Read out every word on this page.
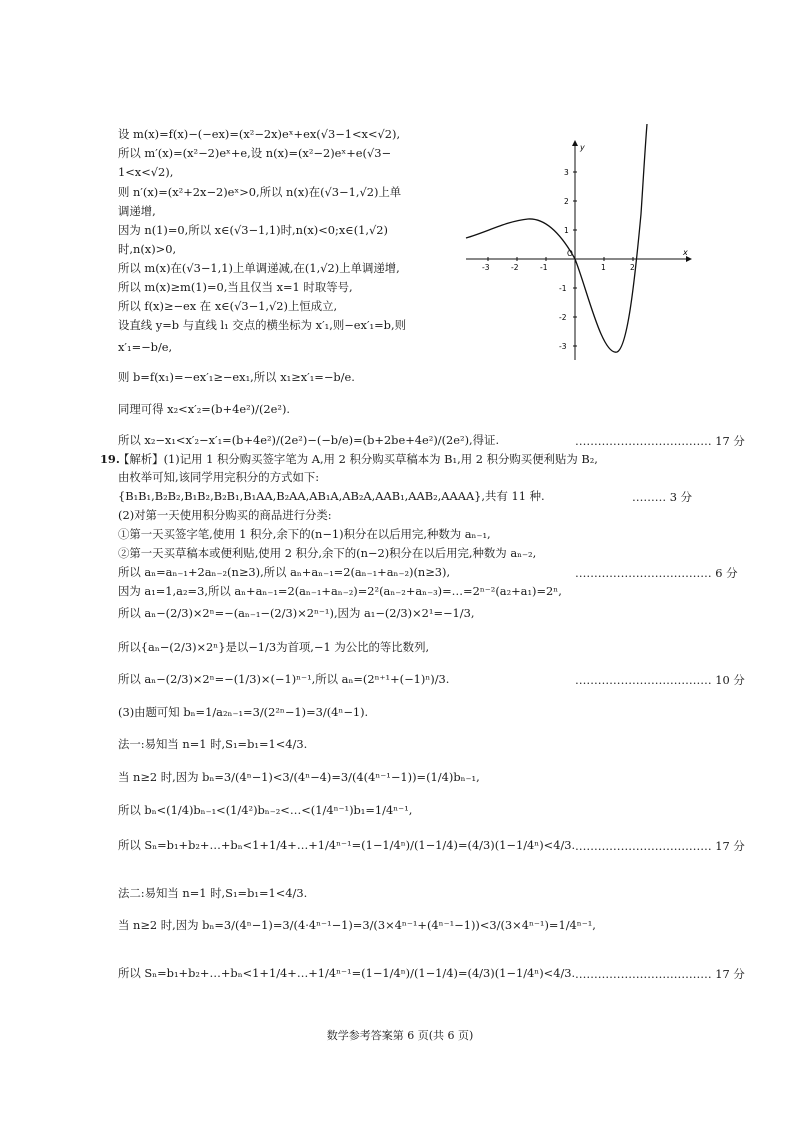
设 m(x)=f(x)−(−ex)=(x²−2x)eˣ+ex(√3−1<x<√2),
所以 m′(x)=(x²−2)eˣ+e,设 n(x)=(x²−2)eˣ+e(√3−
1<x<√2),
则 n′(x)=(x²+2x−2)eˣ>0,所以 n(x)在(√3−1,√2)上单
调递增,
因为 n(1)=0,所以 x∈(√3−1,1)时,n(x)<0;x∈(1,√2)
时,n(x)>0,
所以 m(x)在(√3−1,1)上单调递减,在(1,√2)上单调递增,
所以 m(x)≥m(1)=0,当且仅当 x=1 时取等号,
所以 f(x)≥−ex 在 x∈(√3−1,√2)上恒成立,
设直线 y=b 与直线 l₁ 交点的横坐标为 x′₁,则−ex′₁=b,则
x′₁=−b/e,
则 b=f(x₁)=−ex′₁≥−ex₁,所以 x₁≥x′₁=−b/e.
同理可得 x₂<x′₂=(b+4e²)/(2e²).
所以 x₂−x₁<x′₂−x′₁=(b+4e²)/(2e²)−(−b/e)=(b+2be+4e²)/(2e²),得证.	……………………………… 17 分
y
x
O
-3	-2	-1	1	2
3
2
1
-1
-2
-3
19.
【解析】(1)记用 1 积分购买签字笔为 A,用 2 积分购买草稿本为 B₁,用 2 积分购买便利贴为 B₂,
由枚举可知,该同学用完积分的方式如下:
{B₁B₁,B₂B₂,B₁B₂,B₂B₁,B₁AA,B₂AA,AB₁A,AB₂A,AAB₁,AAB₂,AAAA},共有 11 种.	……… 3 分
(2)对第一天使用积分购买的商品进行分类:
①第一天买签字笔,使用 1 积分,余下的(n−1)积分在以后用完,种数为 aₙ₋₁,
②第一天买草稿本或便利贴,使用 2 积分,余下的(n−2)积分在以后用完,种数为 aₙ₋₂,
所以 aₙ=aₙ₋₁+2aₙ₋₂(n≥3),所以 aₙ+aₙ₋₁=2(aₙ₋₁+aₙ₋₂)(n≥3),	……………………………… 6 分
因为 a₁=1,a₂=3,所以 aₙ+aₙ₋₁=2(aₙ₋₁+aₙ₋₂)=2²(aₙ₋₂+aₙ₋₃)=…=2ⁿ⁻²(a₂+a₁)=2ⁿ,
所以 aₙ−(2/3)×2ⁿ=−(aₙ₋₁−(2/3)×2ⁿ⁻¹),因为 a₁−(2/3)×2¹=−1/3,
所以{aₙ−(2/3)×2ⁿ}是以−1/3为首项,−1 为公比的等比数列,
所以 aₙ−(2/3)×2ⁿ=−(1/3)×(−1)ⁿ⁻¹,所以 aₙ=(2ⁿ⁺¹+(−1)ⁿ)/3.	……………………………… 10 分
(3)由题可知 bₙ=1/a₂ₙ₋₁=3/(2²ⁿ−1)=3/(4ⁿ−1).
法一:易知当 n=1 时,S₁=b₁=1<4/3.
当 n≥2 时,因为 bₙ=3/(4ⁿ−1)<3/(4ⁿ−4)=3/(4(4ⁿ⁻¹−1))=(1/4)bₙ₋₁,
所以 bₙ<(1/4)bₙ₋₁<(1/4²)bₙ₋₂<…<(1/4ⁿ⁻¹)b₁=1/4ⁿ⁻¹,
所以 Sₙ=b₁+b₂+…+bₙ<1+1/4+…+1/4ⁿ⁻¹=(1−1/4ⁿ)/(1−1/4)=(4/3)(1−1/4ⁿ)<4/3. ……………………………… 17 分
法二:易知当 n=1 时,S₁=b₁=1<4/3.
当 n≥2 时,因为 bₙ=3/(4ⁿ−1)=3/(4·4ⁿ⁻¹−1)=3/(3×4ⁿ⁻¹+(4ⁿ⁻¹−1))<3/(3×4ⁿ⁻¹)=1/4ⁿ⁻¹,
所以 Sₙ=b₁+b₂+…+bₙ<1+1/4+…+1/4ⁿ⁻¹=(1−1/4ⁿ)/(1−1/4)=(4/3)(1−1/4ⁿ)<4/3. ……………………………… 17 分
数学参考答案第 6 页(共 6 页)
